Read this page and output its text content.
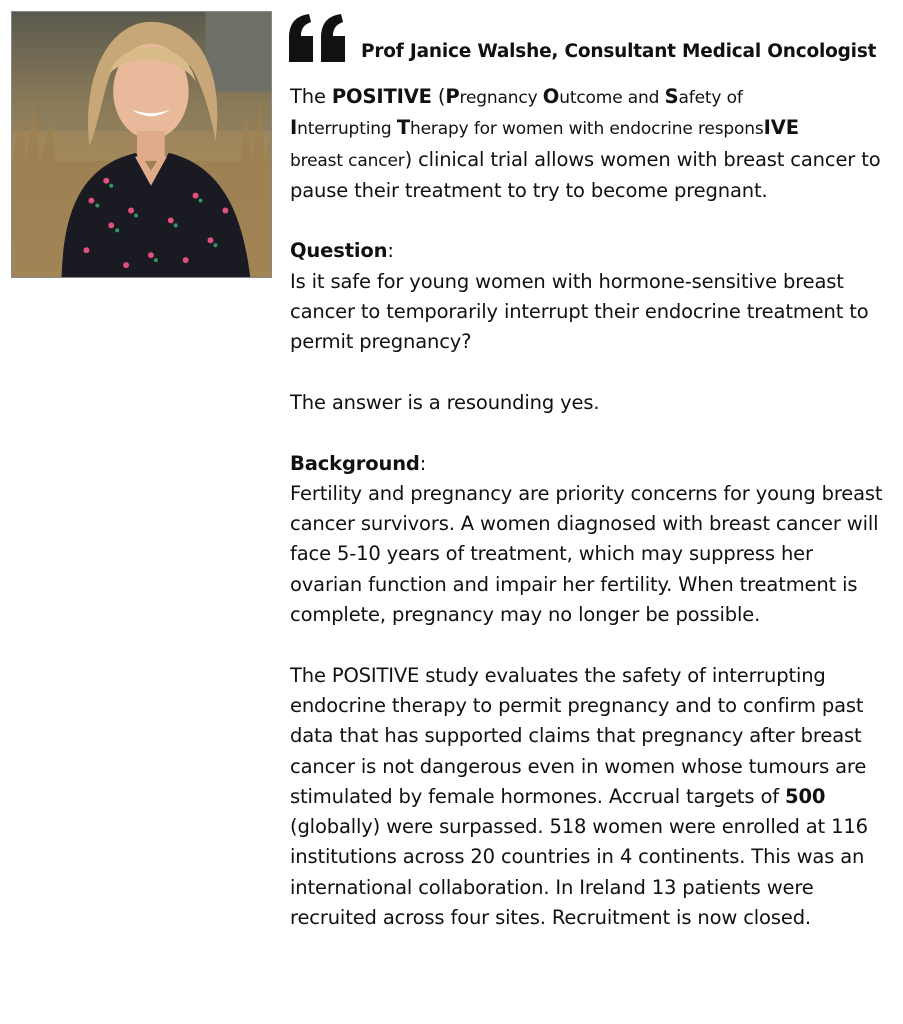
Prof Janice Walshe, Consultant Medical Oncologist

The POSITIVE (Pregnancy Outcome and Safety of
Interrupting Therapy for women with endocrine responsIVE
breast cancer) clinical trial allows women with breast cancer to pause their treatment to try to become pregnant.

Question:

Is it safe for young women with hormone-sensitive breast cancer to temporarily interrupt their endocrine treatment to permit pregnancy?

The answer is a resounding yes.

Background:

Fertility and pregnancy are priority concerns for young breast cancer survivors. A women diagnosed with breast cancer will face 5-10 years of treatment, which may suppress her ovarian function and impair her fertility. When treatment is complete, pregnancy may no longer be possible.

The POSITIVE study evaluates the safety of interrupting endocrine therapy to permit pregnancy and to confirm past data that has supported claims that pregnancy after breast cancer is not dangerous even in women whose tumours are stimulated by female hormones. Accrual targets of 500 (globally) were surpassed. 518 women were enrolled at 116 institutions across 20 countries in 4 continents. This was an international collaboration. In Ireland 13 patients were recruited across four sites. Recruitment is now closed.
